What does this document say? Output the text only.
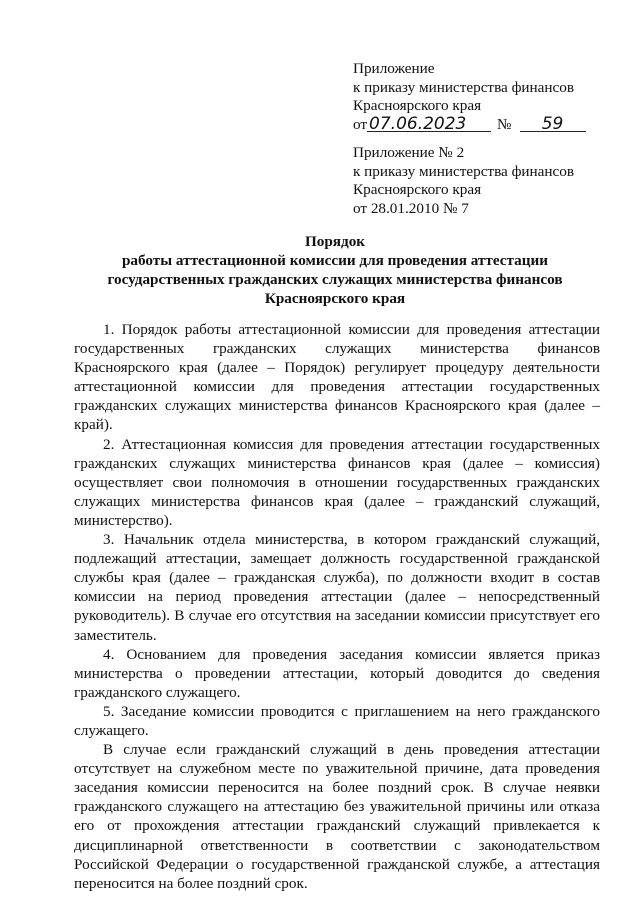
Приложение
к приказу министерства финансов
Красноярского края
от 07.06.2023 № 59
Приложение № 2
к приказу министерства финансов
Красноярского края
от 28.01.2010 № 7
Порядок
работы аттестационной комиссии для проведения аттестации
государственных гражданских служащих министерства финансов
Красноярского края

1. Порядок работы аттестационной комиссии для проведения аттестации государственных гражданских служащих министерства финансов Красноярского края (далее – Порядок) регулирует процедуру деятельности аттестационной комиссии для проведения аттестации государственных гражданских служащих министерства финансов Красноярского края (далее – край).

2. Аттестационная комиссия для проведения аттестации государственных гражданских служащих министерства финансов края (далее – комиссия) осуществляет свои полномочия в отношении государственных гражданских служащих министерства финансов края (далее – гражданский служащий, министерство).

3. Начальник отдела министерства, в котором гражданский служащий, подлежащий аттестации, замещает должность государственной гражданской службы края (далее – гражданская служба), по должности входит в состав комиссии на период проведения аттестации (далее – непосредственный руководитель). В случае его отсутствия на заседании комиссии присутствует его заместитель.

4. Основанием для проведения заседания комиссии является приказ министерства о проведении аттестации, который доводится до сведения гражданского служащего.

5. Заседание комиссии проводится с приглашением на него гражданского служащего.

В случае если гражданский служащий в день проведения аттестации отсутствует на служебном месте по уважительной причине, дата проведения заседания комиссии переносится на более поздний срок. В случае неявки гражданского служащего на аттестацию без уважительной причины или отказа его от прохождения аттестации гражданский служащий привлекается к дисциплинарной ответственности в соответствии с законодательством Российской Федерации о государственной гражданской службе, а аттестация переносится на более поздний срок.
